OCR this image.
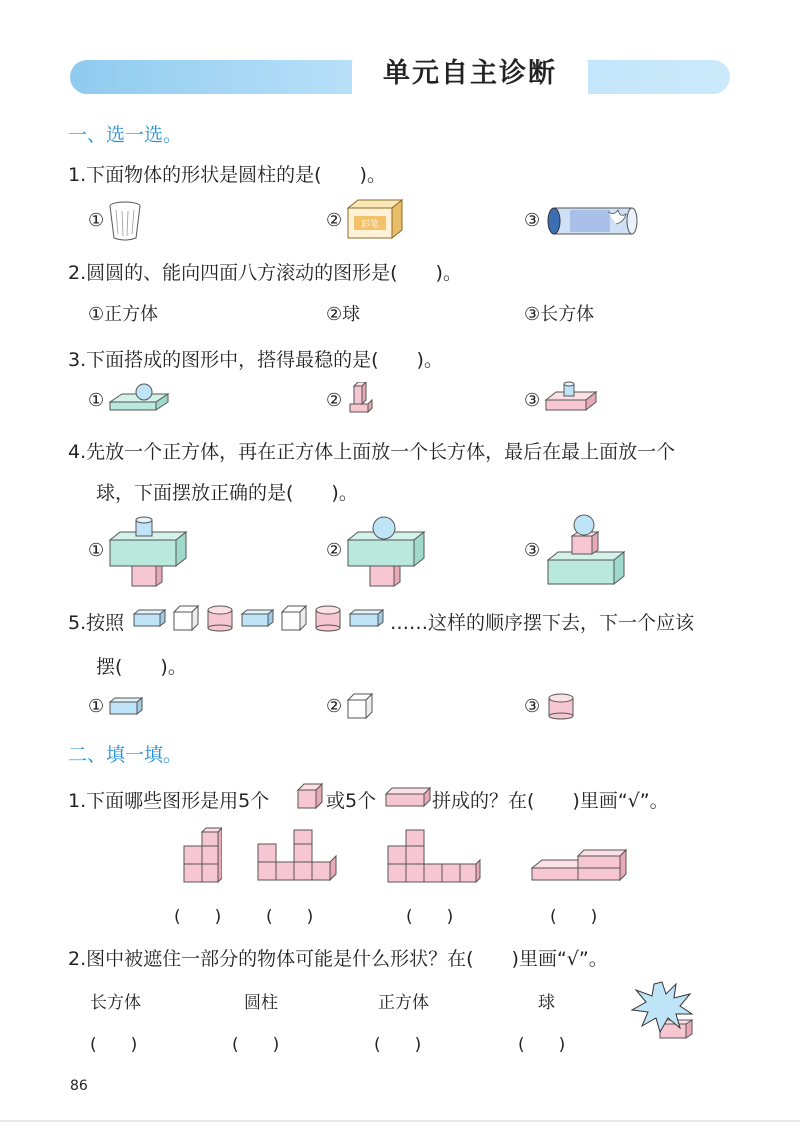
单元自主诊断
一、选一选。
1.下面物体的形状是圆柱的是(　　)。
①	② 彩笔	③
2.圆圆的、能向四面八方滚动的图形是(　　)。
①正方体	②球	③长方体
3.下面搭成的图形中，搭得最稳的是(　　)。
①	②	③
4.先放一个正方体，再在正方体上面放一个长方体，最后在最上面放一个
球，下面摆放正确的是(　　)。
①	②	③
5.按照	……这样的顺序摆下去，下一个应该
摆(　　)。
①	②	③
二、填一填。
1.下面哪些图形是用5个	或5个	拼成的？在(　　)里画“√”。
(　　)	(　　)	(　　)	(　　)
2.图中被遮住一部分的物体可能是什么形状？在(　　)里画“√”。
长方体	圆柱	正方体	球
(　　)	(　　)	(　　)	(　　)
86
